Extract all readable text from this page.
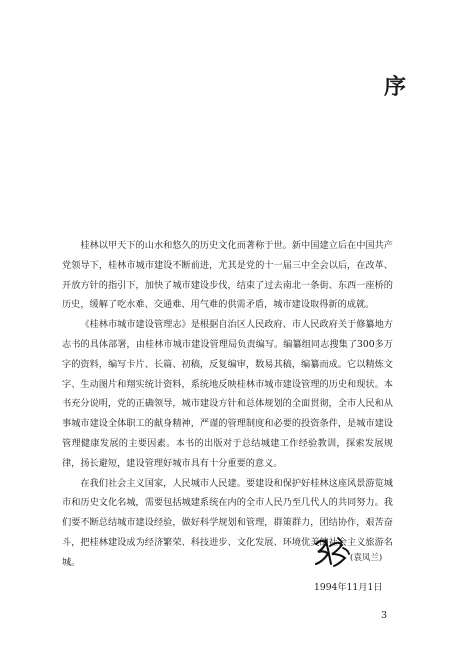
序

桂林以甲天下的山水和悠久的历史文化而著称于世。新中国建立后在中国共产党领导下，桂林市城市建设不断前进，尤其是党的十一届三中全会以后，在改革、开放方针的指引下，加快了城市建设步伐，结束了过去南北一条街、东西一座桥的历史，缓解了吃水难、交通难、用气难的供需矛盾，城市建设取得新的成就。

《桂林市城市建设管理志》是根据自治区人民政府、市人民政府关于修纂地方志书的具体部署，由桂林市城市建设管理局负责编写。编纂组同志搜集了300多万字的资料，编写卡片、长篇、初稿，反复编审，数易其稿，编纂而成。它以精炼文字、生动图片和翔实统计资料，系统地反映桂林市城市建设管理的历史和现状。本书充分说明，党的正确领导，城市建设方针和总体规划的全面贯彻，全市人民和从事城市建设全体职工的献身精神，严谨的管理制度和必要的投资条件，是城市建设管理健康发展的主要因素。本书的出版对于总结城建工作经验教训，探索发展规律，扬长避短，建设管理好城市具有十分重要的意义。

在我们社会主义国家，人民城市人民建。要建设和保护好桂林这座风景游览城市和历史文化名城，需要包括城建系统在内的全市人民乃至几代人的共同努力。我们要不断总结城市建设经验，做好科学规划和管理，群策群力，团结协作，艰苦奋斗，把桂林建设成为经济繁荣、科技进步、文化发展、环境优美的社会主义旅游名城。	(袁凤兰)
1994年11月1日
3
